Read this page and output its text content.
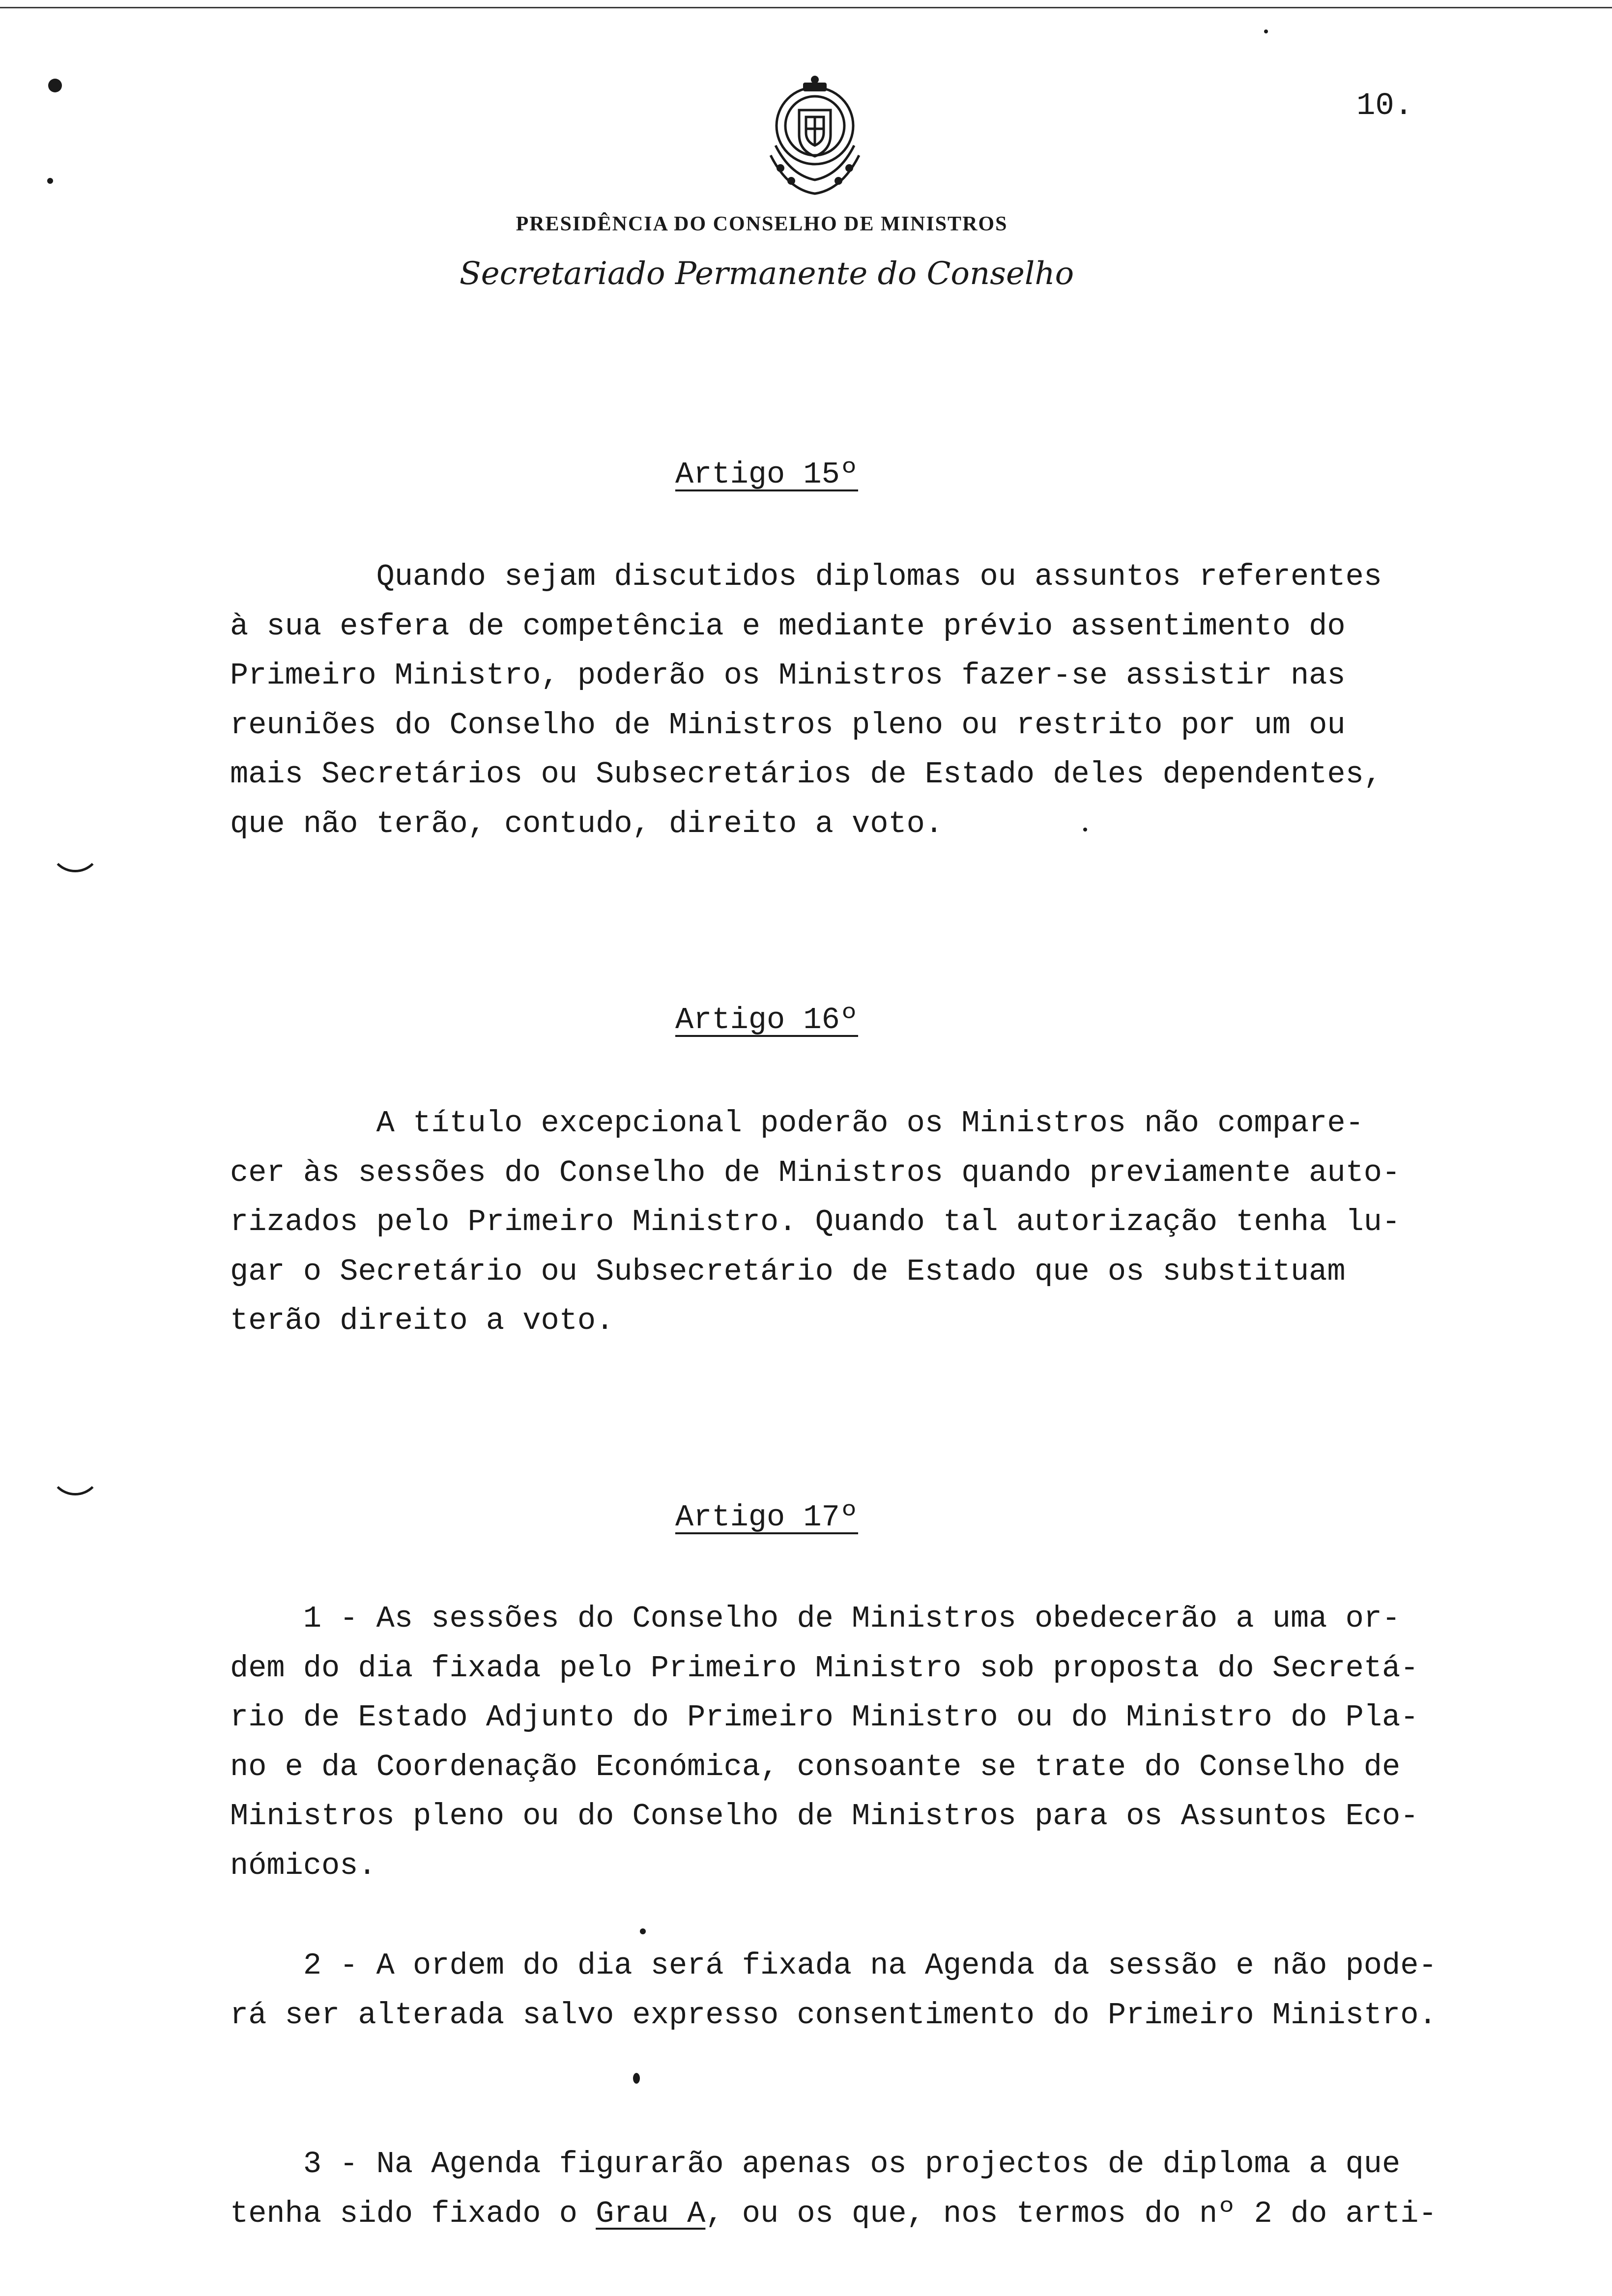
10.
PRESIDÊNCIA DO CONSELHO DE MINISTROS
Secretariado Permanente do Conselho
Artigo 15º
Quando sejam discutidos diplomas ou assuntos referentes
à sua esfera de competência e mediante prévio assentimento do
Primeiro Ministro, poderão os Ministros fazer-se assistir nas
reuniões do Conselho de Ministros pleno ou restrito por um ou
mais Secretários ou Subsecretários de Estado deles dependentes,
que não terão, contudo, direito a voto.
Artigo 16º
A título excepcional poderão os Ministros não compare-
cer às sessões do Conselho de Ministros quando previamente auto-
rizados pelo Primeiro Ministro. Quando tal autorização tenha lu-
gar o Secretário ou Subsecretário de Estado que os substituam
terão direito a voto.
Artigo 17º
1 - As sessões do Conselho de Ministros obedecerão a uma or-
dem do dia fixada pelo Primeiro Ministro sob proposta do Secretá-
rio de Estado Adjunto do Primeiro Ministro ou do Ministro do Pla-
no e da Coordenação Económica, consoante se trate do Conselho de
Ministros pleno ou do Conselho de Ministros para os Assuntos Eco-
nómicos.
2 - A ordem do dia será fixada na Agenda da sessão e não pode-
rá ser alterada salvo expresso consentimento do Primeiro Ministro.
3 - Na Agenda figurarão apenas os projectos de diploma a que
tenha sido fixado o Grau A, ou os que, nos termos do nº 2 do arti-
